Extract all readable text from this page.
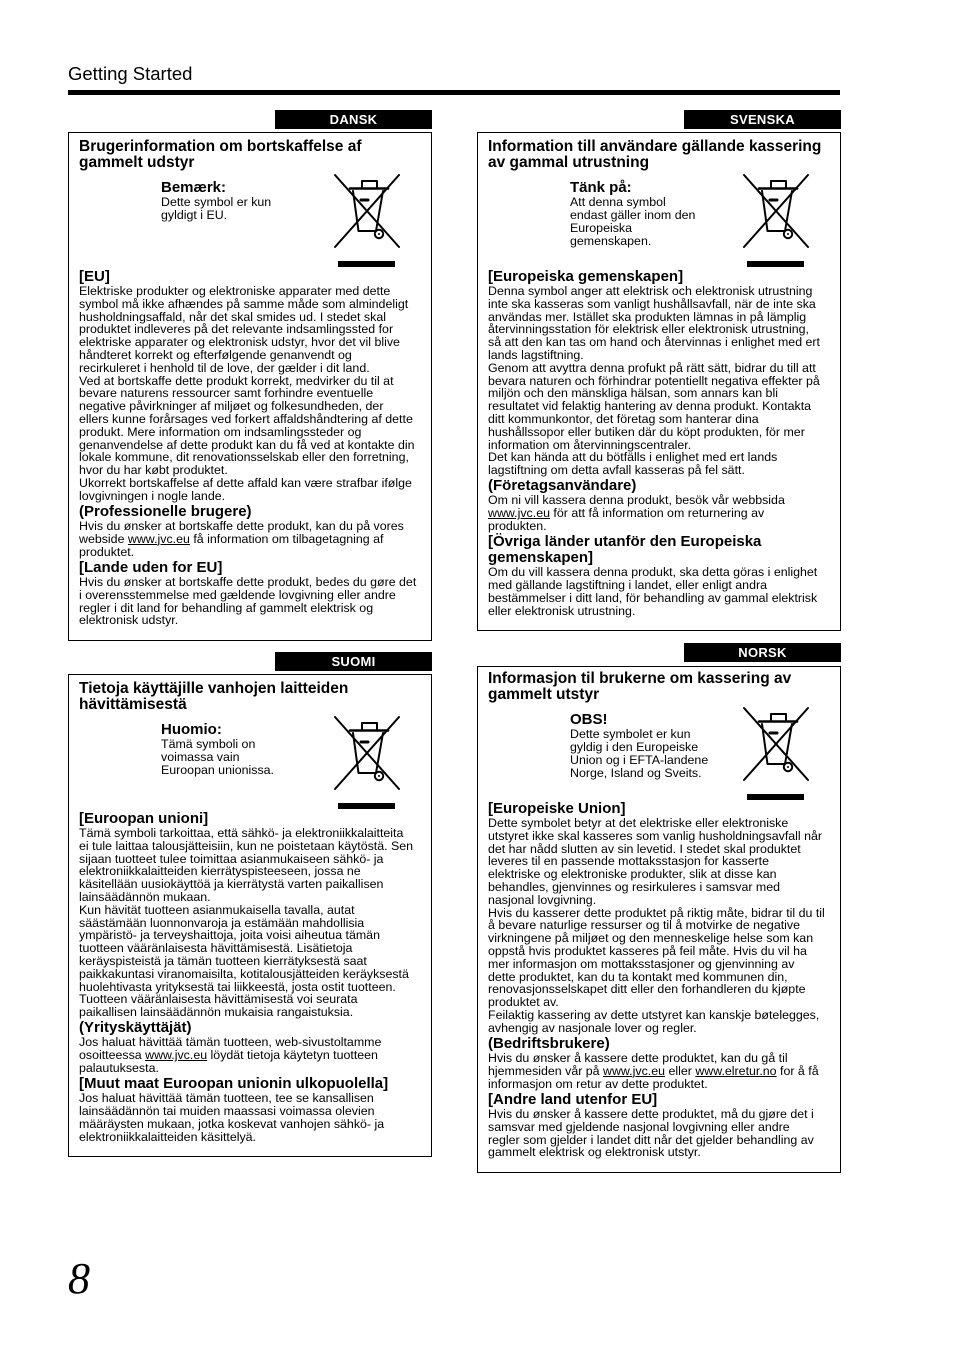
Getting Started
DANSK
Brugerinformation om bortskaffelse af
gammelt udstyr
Bemærk:
Dette symbol er kun
gyldigt i EU.
[EU]
Elektriske produkter og elektroniske apparater med dette
symbol må ikke afhændes på samme måde som almindeligt
husholdningsaffald, når det skal smides ud. I stedet skal
produktet indleveres på det relevante indsamlingssted for
elektriske apparater og elektronisk udstyr, hvor det vil blive
håndteret korrekt og efterfølgende genanvendt og
recirkuleret i henhold til de love, der gælder i dit land.
Ved at bortskaffe dette produkt korrekt, medvirker du til at
bevare naturens ressourcer samt forhindre eventuelle
negative påvirkninger af miljøet og folkesundheden, der
ellers kunne forårsages ved forkert affaldshåndtering af dette
produkt. Mere information om indsamlingssteder og
genanvendelse af dette produkt kan du få ved at kontakte din
lokale kommune, dit renovationsselskab eller den forretning,
hvor du har købt produktet.
Ukorrekt bortskaffelse af dette affald kan være strafbar ifølge
lovgivningen i nogle lande.
(Professionelle brugere)
Hvis du ønsker at bortskaffe dette produkt, kan du på vores
webside www.jvc.eu få information om tilbagetagning af
produktet.
[Lande uden for EU]
Hvis du ønsker at bortskaffe dette produkt, bedes du gøre det
i overensstemmelse med gældende lovgivning eller andre
regler i dit land for behandling af gammelt elektrisk og
elektronisk udstyr.
SVENSKA
Information till användare gällande kassering
av gammal utrustning
Tänk på:
Att denna symbol
endast gäller inom den
Europeiska
gemenskapen.
[Europeiska gemenskapen]
Denna symbol anger att elektrisk och elektronisk utrustning
inte ska kasseras som vanligt hushållsavfall, när de inte ska
användas mer. Istället ska produkten lämnas in på lämplig
återvinningsstation för elektrisk eller elektronisk utrustning,
så att den kan tas om hand och återvinnas i enlighet med ert
lands lagstiftning.
Genom att avyttra denna profukt på rätt sätt, bidrar du till att
bevara naturen och förhindrar potentiellt negativa effekter på
miljön och den mänskliga hälsan, som annars kan bli
resultatet vid felaktig hantering av denna produkt. Kontakta
ditt kommunkontor, det företag som hanterar dina
hushållssopor eller butiken där du köpt produkten, för mer
information om återvinningscentraler.
Det kan hända att du bötfälls i enlighet med ert lands
lagstiftning om detta avfall kasseras på fel sätt.
(Företagsanvändare)
Om ni vill kassera denna produkt, besök vår webbsida
www.jvc.eu för att få information om returnering av
produkten.
[Övriga länder utanför den Europeiska
gemenskapen]
Om du vill kassera denna produkt, ska detta göras i enlighet
med gällande lagstiftning i landet, eller enligt andra
bestämmelser i ditt land, för behandling av gammal elektrisk
eller elektronisk utrustning.
SUOMI
Tietoja käyttäjille vanhojen laitteiden
hävittämisestä
Huomio:
Tämä symboli on
voimassa vain
Euroopan unionissa.
[Euroopan unioni]
Tämä symboli tarkoittaa, että sähkö- ja elektroniikkalaitteita
ei tule laittaa talousjätteisiin, kun ne poistetaan käytöstä. Sen
sijaan tuotteet tulee toimittaa asianmukaiseen sähkö- ja
elektroniikkalaitteiden kierrätyspisteeseen, jossa ne
käsitellään uusiokäyttöä ja kierrätystä varten paikallisen
lainsäädännön mukaan.
Kun hävität tuotteen asianmukaisella tavalla, autat
säästämään luonnonvaroja ja estämään mahdollisia
ympäristö- ja terveyshaittoja, joita voisi aiheutua tämän
tuotteen vääränlaisesta hävittämisestä. Lisätietoja
keräyspisteistä ja tämän tuotteen kierrätyksestä saat
paikkakuntasi viranomaisilta, kotitalousjätteiden keräyksestä
huolehtivasta yrityksestä tai liikkeestä, josta ostit tuotteen.
Tuotteen vääränlaisesta hävittämisestä voi seurata
paikallisen lainsäädännön mukaisia rangaistuksia.
(Yrityskäyttäjät)
Jos haluat hävittää tämän tuotteen, web-sivustoltamme
osoitteessa www.jvc.eu löydät tietoja käytetyn tuotteen
palautuksesta.
[Muut maat Euroopan unionin ulkopuolella]
Jos haluat hävittää tämän tuotteen, tee se kansallisen
lainsäädännön tai muiden maassasi voimassa olevien
määräysten mukaan, jotka koskevat vanhojen sähkö- ja
elektroniikkalaitteiden käsittelyä.
NORSK
Informasjon til brukerne om kassering av
gammelt utstyr
OBS!
Dette symbolet er kun
gyldig i den Europeiske
Union og i EFTA-landene
Norge, Island og Sveits.
[Europeiske Union]
Dette symbolet betyr at det elektriske eller elektroniske
utstyret ikke skal kasseres som vanlig husholdningsavfall når
det har nådd slutten av sin levetid. I stedet skal produktet
leveres til en passende mottaksstasjon for kasserte
elektriske og elektroniske produkter, slik at disse kan
behandles, gjenvinnes og resirkuleres i samsvar med
nasjonal lovgivning.
Hvis du kasserer dette produktet på riktig måte, bidrar til du til
å bevare naturlige ressurser og til å motvirke de negative
virkningene på miljøet og den menneskelige helse som kan
oppstå hvis produktet kasseres på feil måte. Hvis du vil ha
mer informasjon om mottaksstasjoner og gjenvinning av
dette produktet, kan du ta kontakt med kommunen din,
renovasjonsselskapet ditt eller den forhandleren du kjøpte
produktet av.
Feilaktig kassering av dette utstyret kan kanskje bøtelegges,
avhengig av nasjonale lover og regler.
(Bedriftsbrukere)
Hvis du ønsker å kassere dette produktet, kan du gå til
hjemmesiden vår på www.jvc.eu eller www.elretur.no for å få
informasjon om retur av dette produktet.
[Andre land utenfor EU]
Hvis du ønsker å kassere dette produktet, må du gjøre det i
samsvar med gjeldende nasjonal lovgivning eller andre
regler som gjelder i landet ditt når det gjelder behandling av
gammelt elektrisk og elektronisk utstyr.
8
